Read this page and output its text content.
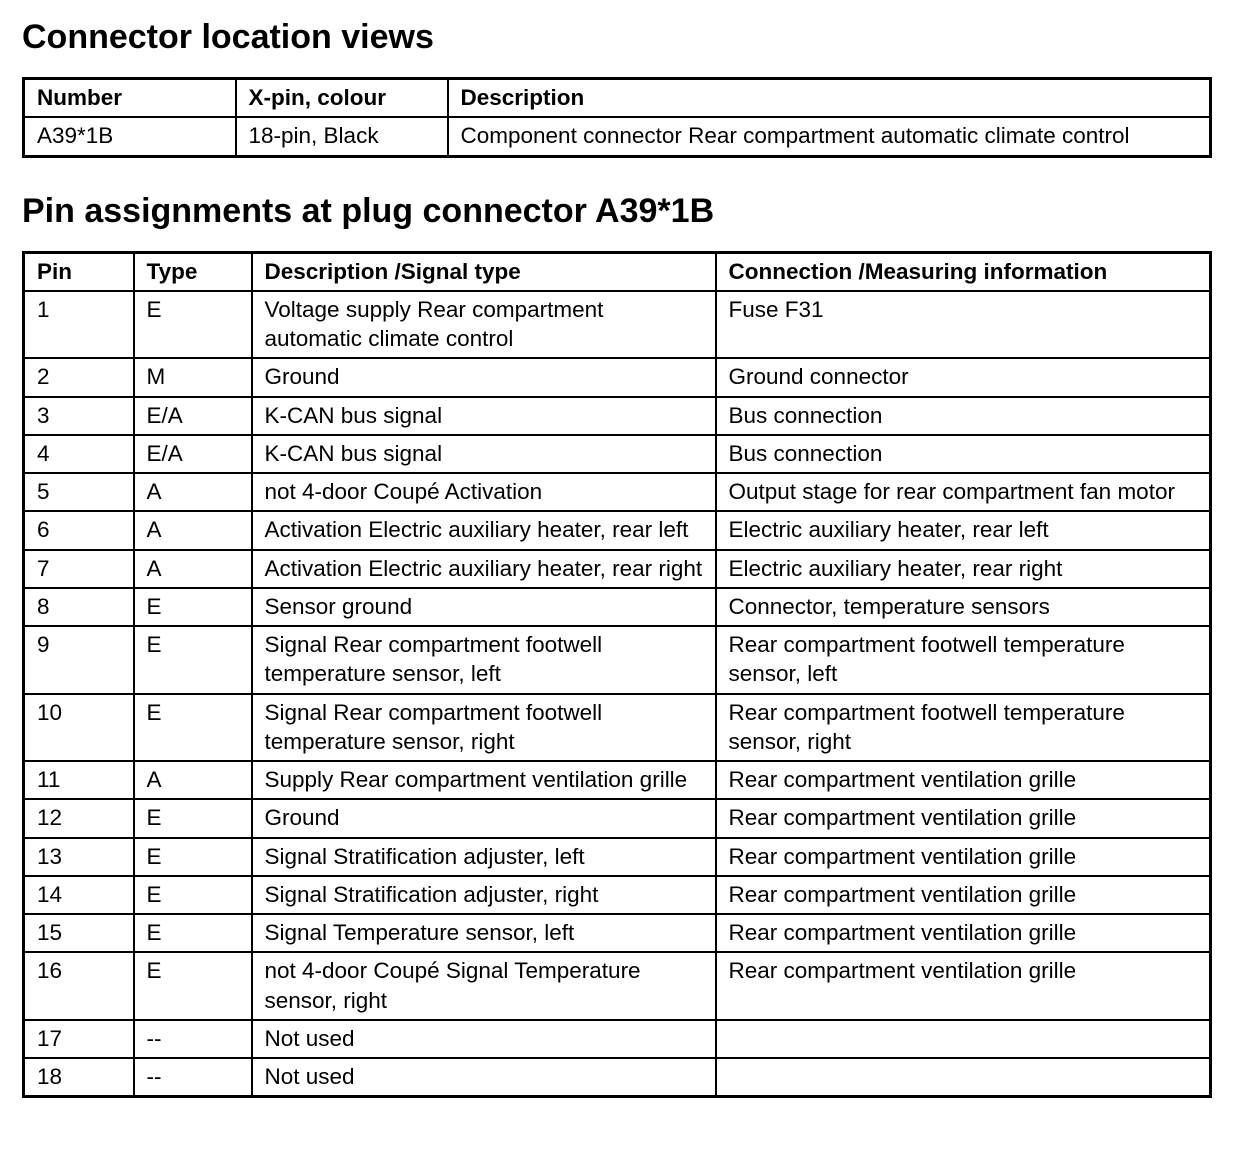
Connector location views
Number	X-pin, colour	Description
A39*1B	18-pin, Black	Component connector Rear compartment automatic climate control
Pin assignments at plug connector A39*1B
Pin	Type	Description /Signal type	Connection /Measuring information
1	E	Voltage supply Rear compartment automatic climate control	Fuse F31
2	M	Ground	Ground connector
3	E/A	K-CAN bus signal	Bus connection
4	E/A	K-CAN bus signal	Bus connection
5	A	not 4-door Coupé Activation	Output stage for rear compartment fan motor
6	A	Activation Electric auxiliary heater, rear left	Electric auxiliary heater, rear left
7	A	Activation Electric auxiliary heater, rear right	Electric auxiliary heater, rear right
8	E	Sensor ground	Connector, temperature sensors
9	E	Signal Rear compartment footwell temperature sensor, left	Rear compartment footwell temperature sensor, left
10	E	Signal Rear compartment footwell temperature sensor, right	Rear compartment footwell temperature sensor, right
11	A	Supply Rear compartment ventilation grille	Rear compartment ventilation grille
12	E	Ground	Rear compartment ventilation grille
13	E	Signal Stratification adjuster, left	Rear compartment ventilation grille
14	E	Signal Stratification adjuster, right	Rear compartment ventilation grille
15	E	Signal Temperature sensor, left	Rear compartment ventilation grille
16	E	not 4-door Coupé Signal Temperature sensor, right	Rear compartment ventilation grille
17	--	Not used	
18	--	Not used	
